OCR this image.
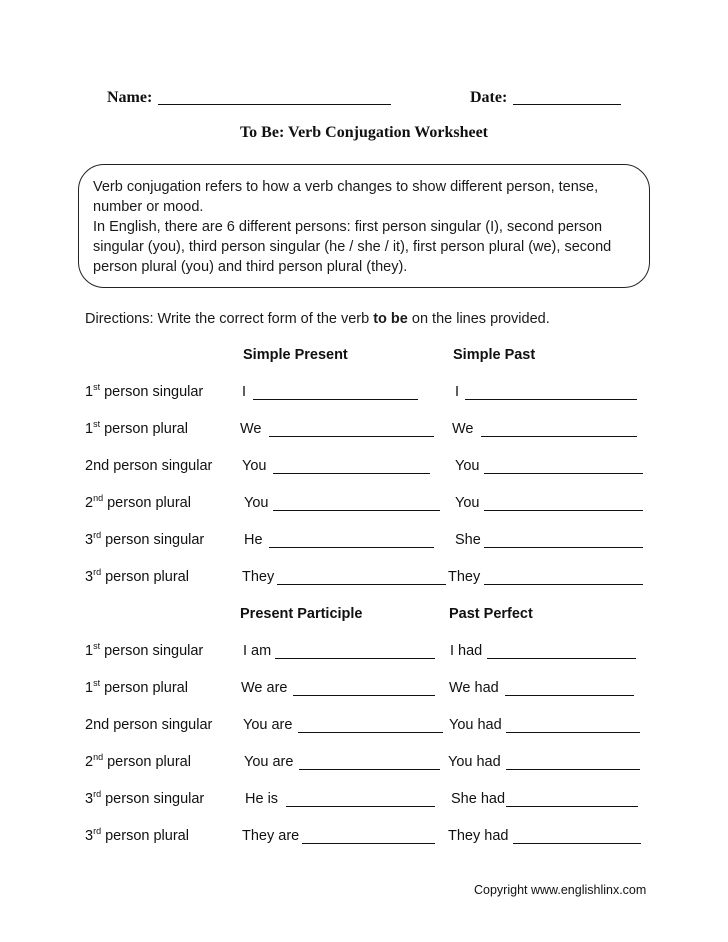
Name:	Date:
To Be: Verb Conjugation Worksheet

Verb conjugation refers to how a verb changes to show different person, tense, number or mood.

In English, there are 6 different persons: first person singular (I), second person singular (you), third person singular (he / she / it), first person plural (we), second person plural (you) and third person plural (they).

Directions: Write the correct form of the verb to be on the lines provided.
Simple Present	Simple Past
1st person singular	I	I
1st person plural	We	We
2nd person singular You	You
2nd person plural	You	You
3rd person singular	He	She
3rd person plural	They	They
Present Participle	Past Perfect
1st person singular	I am	I had
1st person plural	We are	We had
2nd person singular You are	You had
2nd person plural	You are	You had
3rd person singular	He is	She had
3rd person plural	They are	They had
Copyright www.englishlinx.com
